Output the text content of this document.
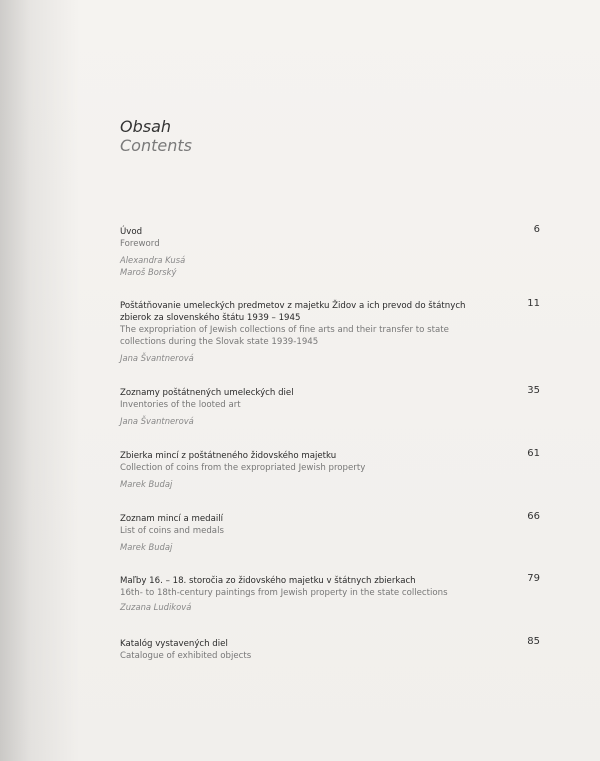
Obsah
Contents
Úvod
Foreword
Alexandra Kusá
Maroš Borský
6
Poštátňovanie umeleckých predmetov z majetku Židov a ich prevod do štátnych zbierok za slovenského štátu 1939 – 1945
The expropriation of Jewish collections of fine arts and their transfer to state collections during the Slovak state 1939-1945
Jana Švantnerová
11
Zoznamy poštátnených umeleckých diel
Inventories of the looted art
Jana Švantnerová
35
Zbierka mincí z poštátneného židovského majetku
Collection of coins from the expropriated Jewish property
Marek Budaj
61
Zoznam mincí a medailí
List of coins and medals
Marek Budaj
66
Maľby 16. – 18. storočia zo židovského majetku v štátnych zbierkach
16th- to 18th-century paintings from Jewish property in the state collections
Zuzana Ludiková
79
Katalóg vystavených diel
Catalogue of exhibited objects
85
